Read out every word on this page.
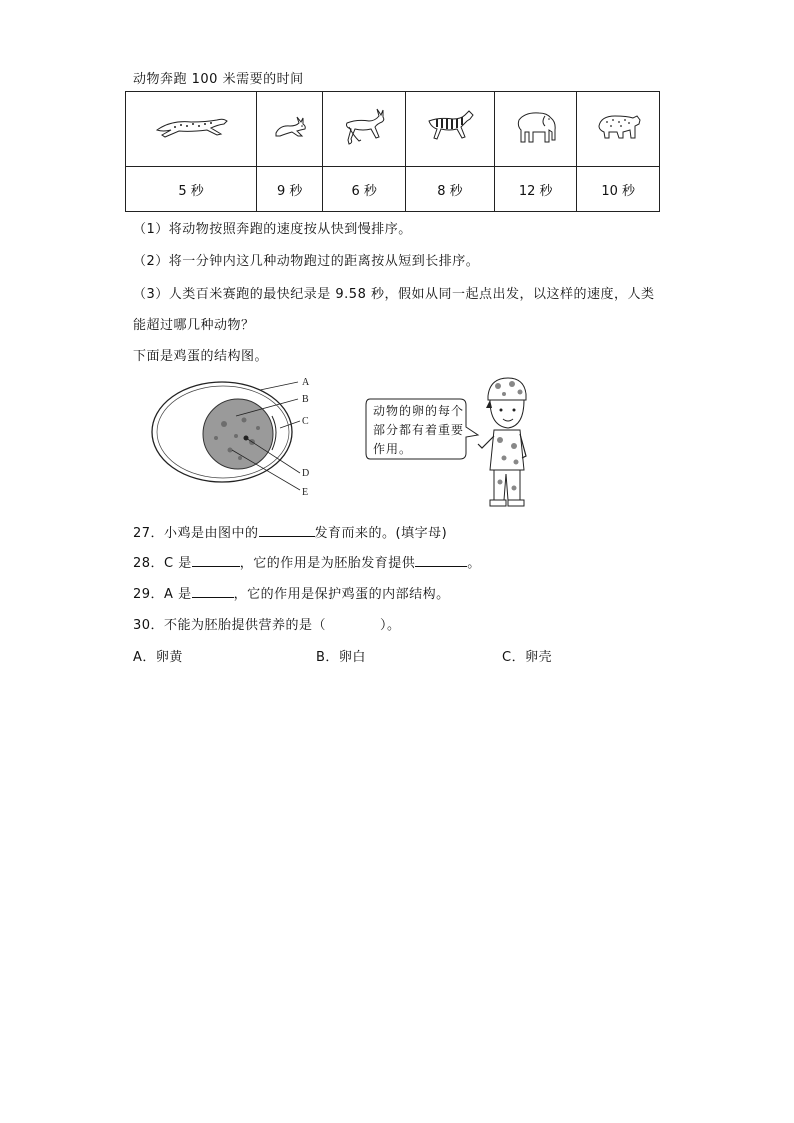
动物奔跑 100 米需要的时间

5 秒	9 秒	6 秒	8 秒	12 秒	10 秒
（1）将动物按照奔跑的速度按从快到慢排序。
（2）将一分钟内这几种动物跑过的距离按从短到长排序。
（3）人类百米赛跑的最快纪录是 9.58 秒，假如从同一起点出发，以这样的速度，人类
能超过哪几种动物？
下面是鸡蛋的结构图。
A
B
C
D
E
动物的卵的每个
部分都有着重要
作用。
27．小鸡是由图中的	发育而来的。(填字母)
28．C 是	，它的作用是为胚胎发育提供	。
29．A 是	，它的作用是保护鸡蛋的内部结构。
30．不能为胚胎提供营养的是（	）。
A．卵黄	B．卵白	C．卵壳
